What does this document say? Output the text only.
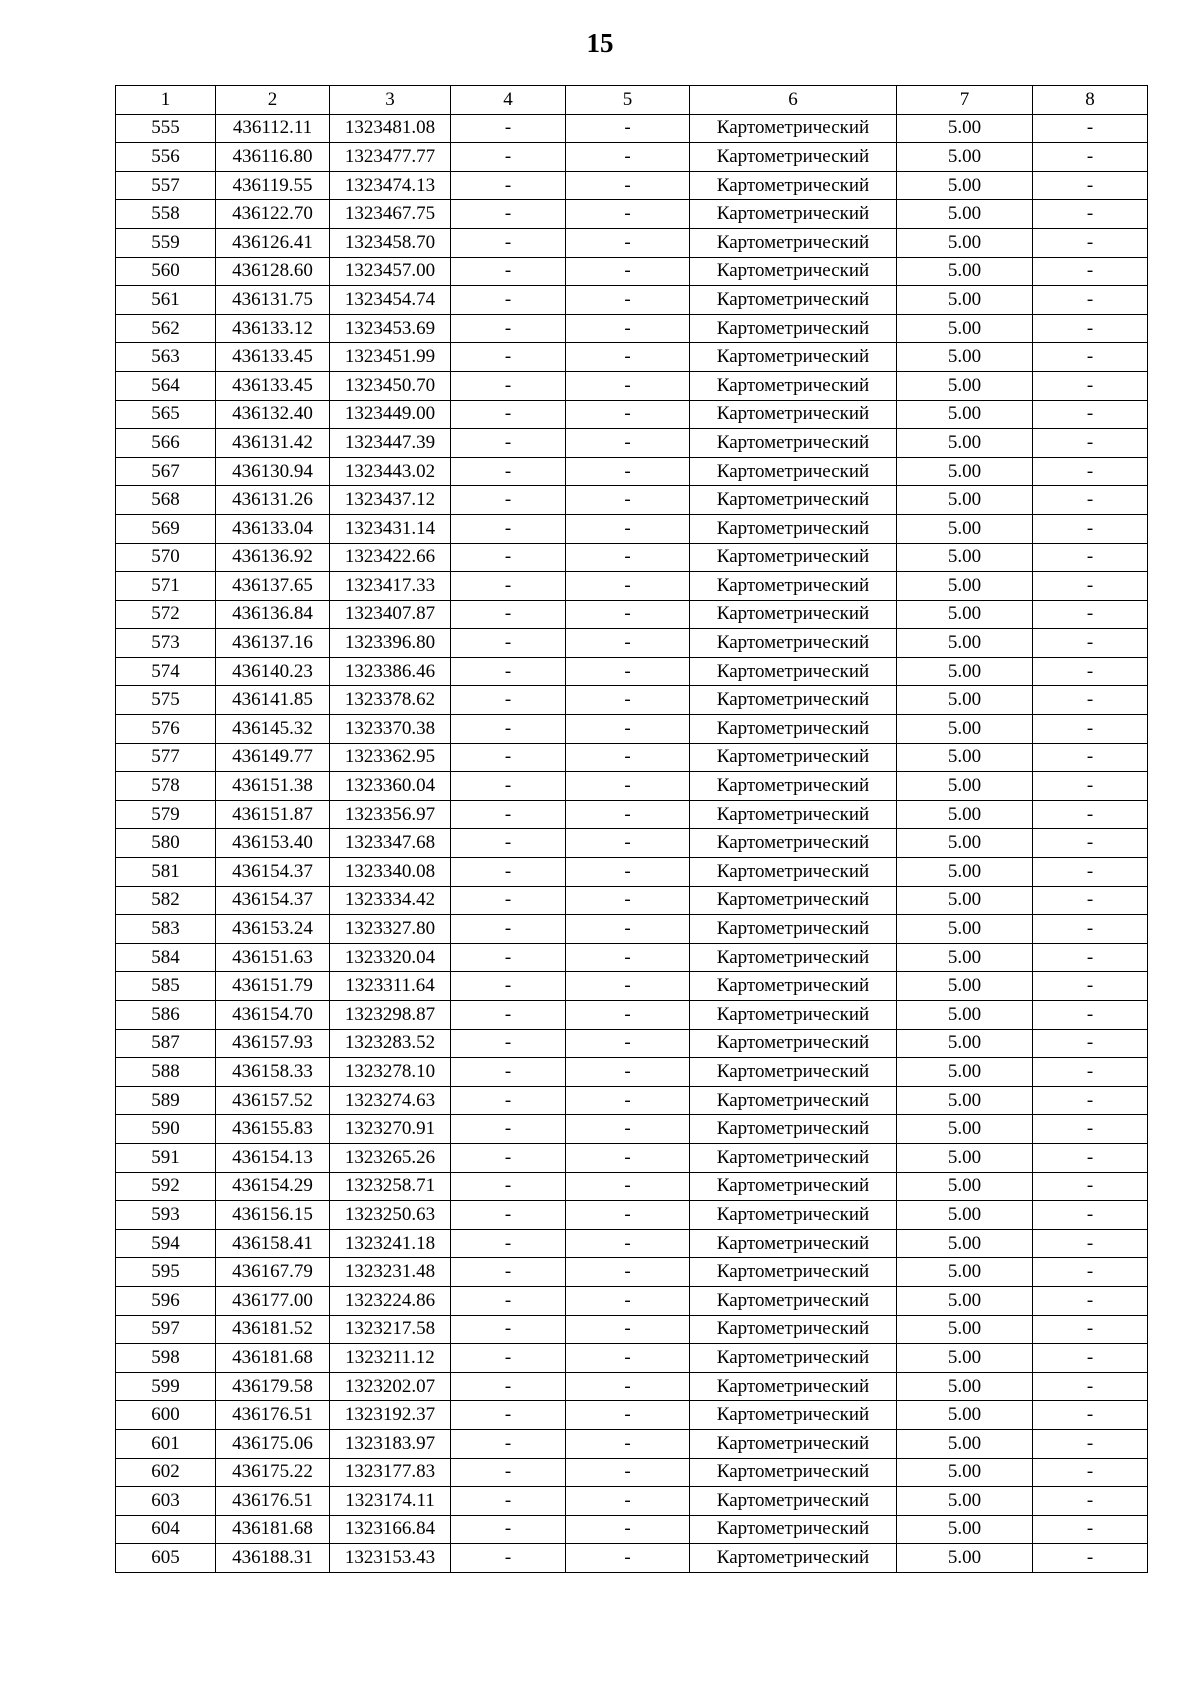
15
1	2	3	4	5	6	7	8
555	436112.11	1323481.08	-	-	Картометрический	5.00	-
556	436116.80	1323477.77	-	-	Картометрический	5.00	-
557	436119.55	1323474.13	-	-	Картометрический	5.00	-
558	436122.70	1323467.75	-	-	Картометрический	5.00	-
559	436126.41	1323458.70	-	-	Картометрический	5.00	-
560	436128.60	1323457.00	-	-	Картометрический	5.00	-
561	436131.75	1323454.74	-	-	Картометрический	5.00	-
562	436133.12	1323453.69	-	-	Картометрический	5.00	-
563	436133.45	1323451.99	-	-	Картометрический	5.00	-
564	436133.45	1323450.70	-	-	Картометрический	5.00	-
565	436132.40	1323449.00	-	-	Картометрический	5.00	-
566	436131.42	1323447.39	-	-	Картометрический	5.00	-
567	436130.94	1323443.02	-	-	Картометрический	5.00	-
568	436131.26	1323437.12	-	-	Картометрический	5.00	-
569	436133.04	1323431.14	-	-	Картометрический	5.00	-
570	436136.92	1323422.66	-	-	Картометрический	5.00	-
571	436137.65	1323417.33	-	-	Картометрический	5.00	-
572	436136.84	1323407.87	-	-	Картометрический	5.00	-
573	436137.16	1323396.80	-	-	Картометрический	5.00	-
574	436140.23	1323386.46	-	-	Картометрический	5.00	-
575	436141.85	1323378.62	-	-	Картометрический	5.00	-
576	436145.32	1323370.38	-	-	Картометрический	5.00	-
577	436149.77	1323362.95	-	-	Картометрический	5.00	-
578	436151.38	1323360.04	-	-	Картометрический	5.00	-
579	436151.87	1323356.97	-	-	Картометрический	5.00	-
580	436153.40	1323347.68	-	-	Картометрический	5.00	-
581	436154.37	1323340.08	-	-	Картометрический	5.00	-
582	436154.37	1323334.42	-	-	Картометрический	5.00	-
583	436153.24	1323327.80	-	-	Картометрический	5.00	-
584	436151.63	1323320.04	-	-	Картометрический	5.00	-
585	436151.79	1323311.64	-	-	Картометрический	5.00	-
586	436154.70	1323298.87	-	-	Картометрический	5.00	-
587	436157.93	1323283.52	-	-	Картометрический	5.00	-
588	436158.33	1323278.10	-	-	Картометрический	5.00	-
589	436157.52	1323274.63	-	-	Картометрический	5.00	-
590	436155.83	1323270.91	-	-	Картометрический	5.00	-
591	436154.13	1323265.26	-	-	Картометрический	5.00	-
592	436154.29	1323258.71	-	-	Картометрический	5.00	-
593	436156.15	1323250.63	-	-	Картометрический	5.00	-
594	436158.41	1323241.18	-	-	Картометрический	5.00	-
595	436167.79	1323231.48	-	-	Картометрический	5.00	-
596	436177.00	1323224.86	-	-	Картометрический	5.00	-
597	436181.52	1323217.58	-	-	Картометрический	5.00	-
598	436181.68	1323211.12	-	-	Картометрический	5.00	-
599	436179.58	1323202.07	-	-	Картометрический	5.00	-
600	436176.51	1323192.37	-	-	Картометрический	5.00	-
601	436175.06	1323183.97	-	-	Картометрический	5.00	-
602	436175.22	1323177.83	-	-	Картометрический	5.00	-
603	436176.51	1323174.11	-	-	Картометрический	5.00	-
604	436181.68	1323166.84	-	-	Картометрический	5.00	-
605	436188.31	1323153.43	-	-	Картометрический	5.00	-
